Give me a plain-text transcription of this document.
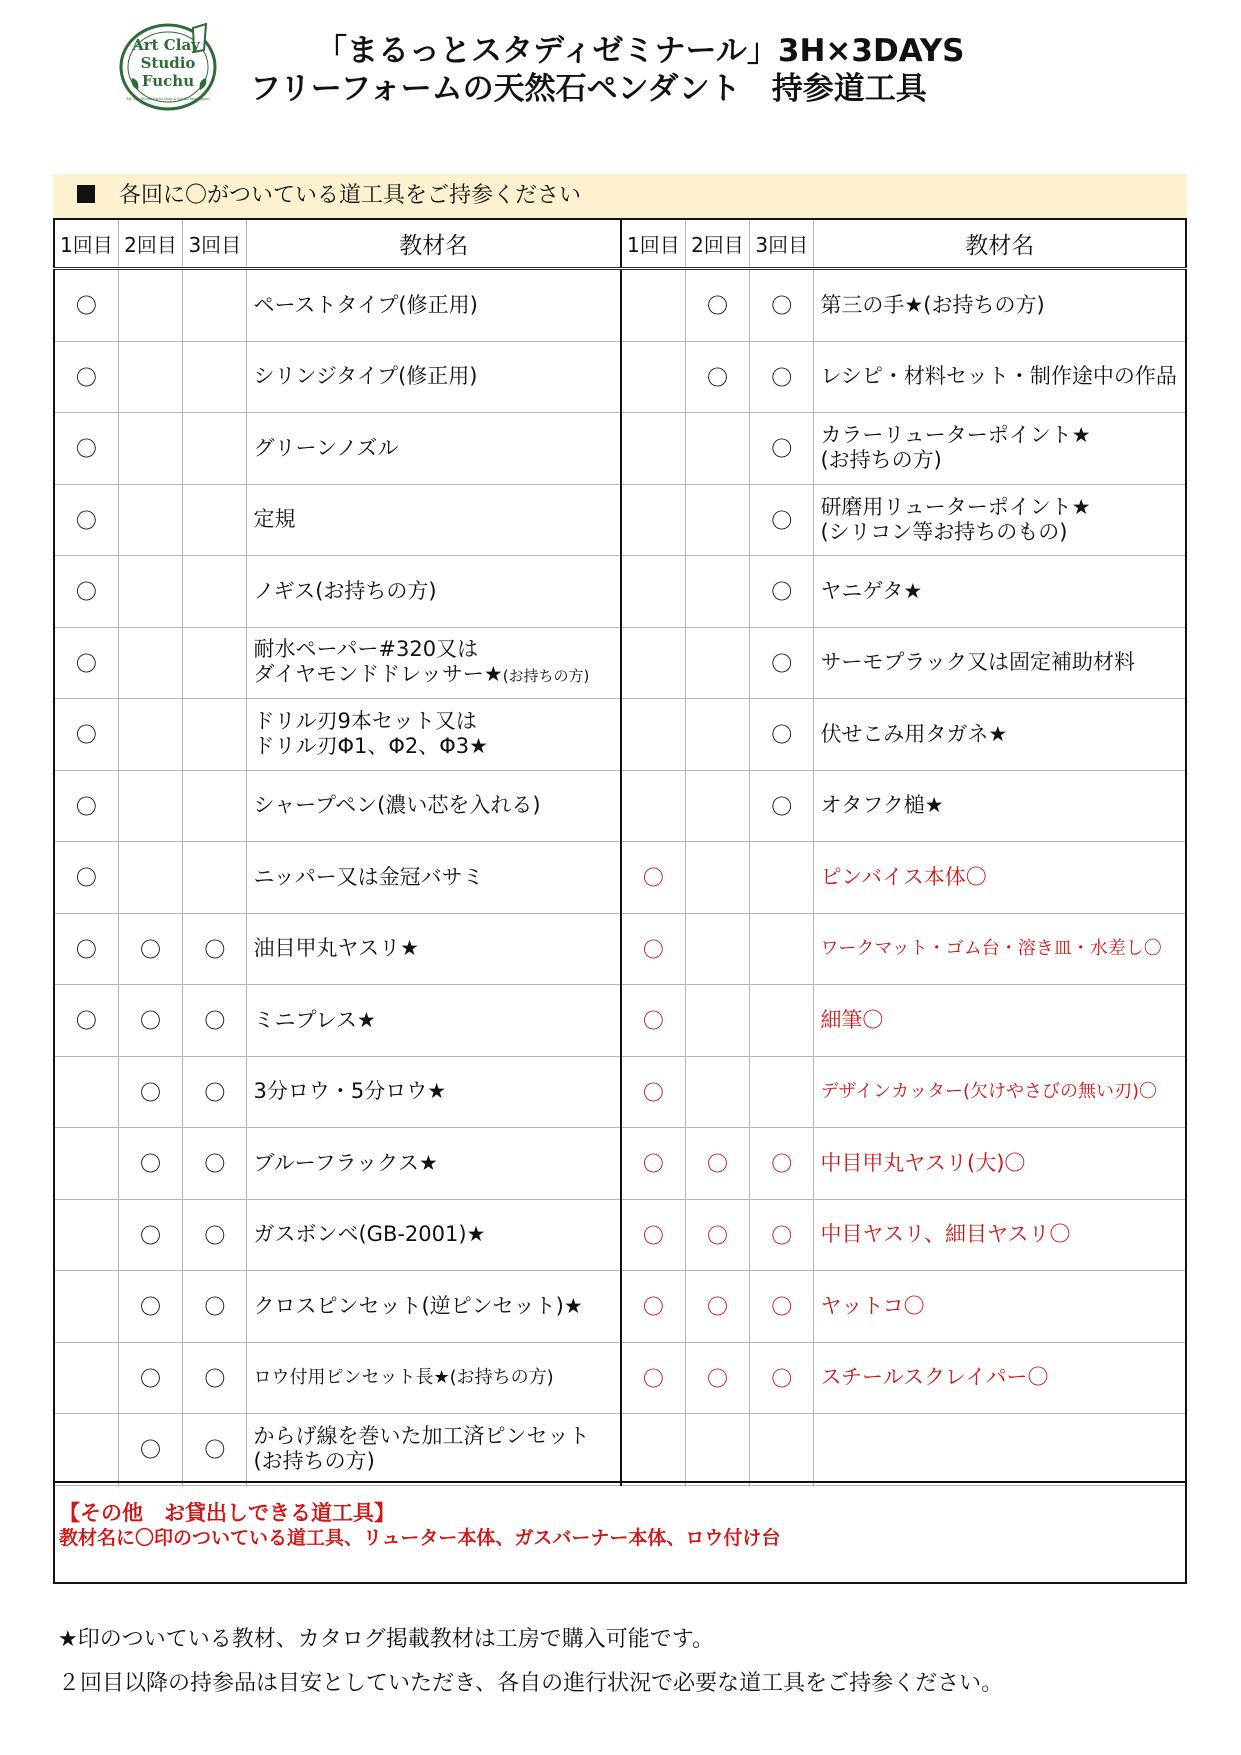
Art Clay
Studio
Fuchu
Art Clay Studio Fuchu Shop & School Tokyo Japan
「まるっとスタディゼミナール」3H×3DAYS
フリーフォームの天然石ペンダント　持参道工具
各回に〇がついている道工具をご持参ください
1回目	2回目	3回目	教材名	1回目	2回目	3回目	教材名
〇			ペーストタイプ(修正用)		〇	〇	第三の手★(お持ちの方)

〇			シリンジタイプ(修正用)		〇	〇	レシピ・材料セット・制作途中の作品

〇			グリーンノズル			〇	カラーリューターポイント★
(お持ちの方)

〇			定規			〇	研磨用リューターポイント★
(シリコン等お持ちのもの)

〇			ノギス(お持ちの方)			〇	ヤニゲタ★

〇			耐水ペーパー#320又は
ダイヤモンドドレッサー★(お持ちの方)			〇	サーモプラック又は固定補助材料

〇			ドリル刃9本セット又は
ドリル刃Φ1、Φ2、Φ3★			〇	伏せこみ用タガネ★

〇			シャープペン(濃い芯を入れる)			〇	オタフク槌★

〇			ニッパー又は金冠バサミ	〇			ピンバイス本体〇

〇	〇	〇	油目甲丸ヤスリ★	〇			ワークマット・ゴム台・溶き皿・水差し〇

〇	〇	〇	ミニプレス★	〇			細筆〇

	〇	〇	3分ロウ・5分ロウ★	〇			デザインカッター(欠けやさびの無い刃)〇

	〇	〇	ブルーフラックス★	〇	〇	〇	中目甲丸ヤスリ(大)〇

	〇	〇	ガスボンベ(GB-2001)★	〇	〇	〇	中目ヤスリ、細目ヤスリ〇

	〇	〇	クロスピンセット(逆ピンセット)★	〇	〇	〇	ヤットコ〇

	〇	〇	ロウ付用ピンセット長★(お持ちの方)	〇	〇	〇	スチールスクレイパー〇

	〇	〇	からげ線を巻いた加工済ピンセット
(お持ちの方)				

【その他　お貸出しできる道工具】
教材名に〇印のついている道工具、リューター本体、ガスバーナー本体、ロウ付け台
★印のついている教材、カタログ掲載教材は工房で購入可能です。
２回目以降の持参品は目安としていただき、各自の進行状況で必要な道工具をご持参ください。
